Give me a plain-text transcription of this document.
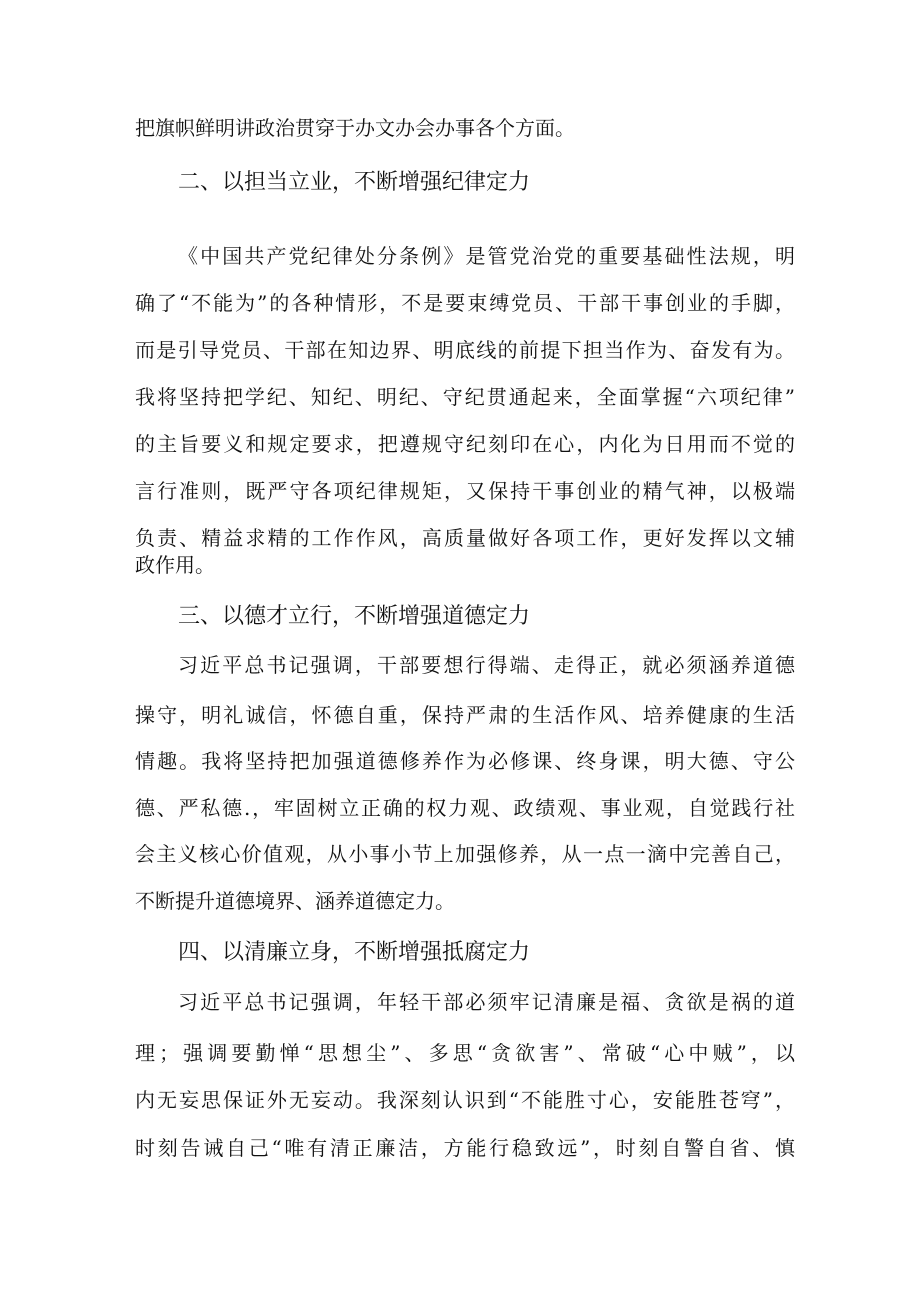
把旗帜鲜明讲政治贯穿于办文办会办事各个方面。
二、以担当立业，不断增强纪律定力
《中国共产党纪律处分条例》是管党治党的重要基础性法规，明
确了“不能为”的各种情形，不是要束缚党员、干部干事创业的手脚，
而是引导党员、干部在知边界、明底线的前提下担当作为、奋发有为。
我将坚持把学纪、知纪、明纪、守纪贯通起来，全面掌握“六项纪律”
的主旨要义和规定要求，把遵规守纪刻印在心，内化为日用而不觉的
言行准则，既严守各项纪律规矩，又保持干事创业的精气神，以极端
负责、精益求精的工作作风，高质量做好各项工作，更好发挥以文辅
政作用。
三、以德才立行，不断增强道德定力
习近平总书记强调，干部要想行得端、走得正，就必须涵养道德
操守，明礼诚信，怀德自重，保持严肃的生活作风、培养健康的生活
情趣。我将坚持把加强道德修养作为必修课、终身课，明大德、守公
德、严私德.，牢固树立正确的权力观、政绩观、事业观，自觉践行社
会主义核心价值观，从小事小节上加强修养，从一点一滴中完善自己，
不断提升道德境界、涵养道德定力。
四、以清廉立身，不断增强抵腐定力
习近平总书记强调，年轻干部必须牢记清廉是福、贪欲是祸的道
理；强调要勤惮“思想尘”、多思“贪欲害”、常破“心中贼”，以
内无妄思保证外无妄动。我深刻认识到“不能胜寸心，安能胜苍穹”，
时刻告诫自己“唯有清正廉洁，方能行稳致远”，时刻自警自省、慎
